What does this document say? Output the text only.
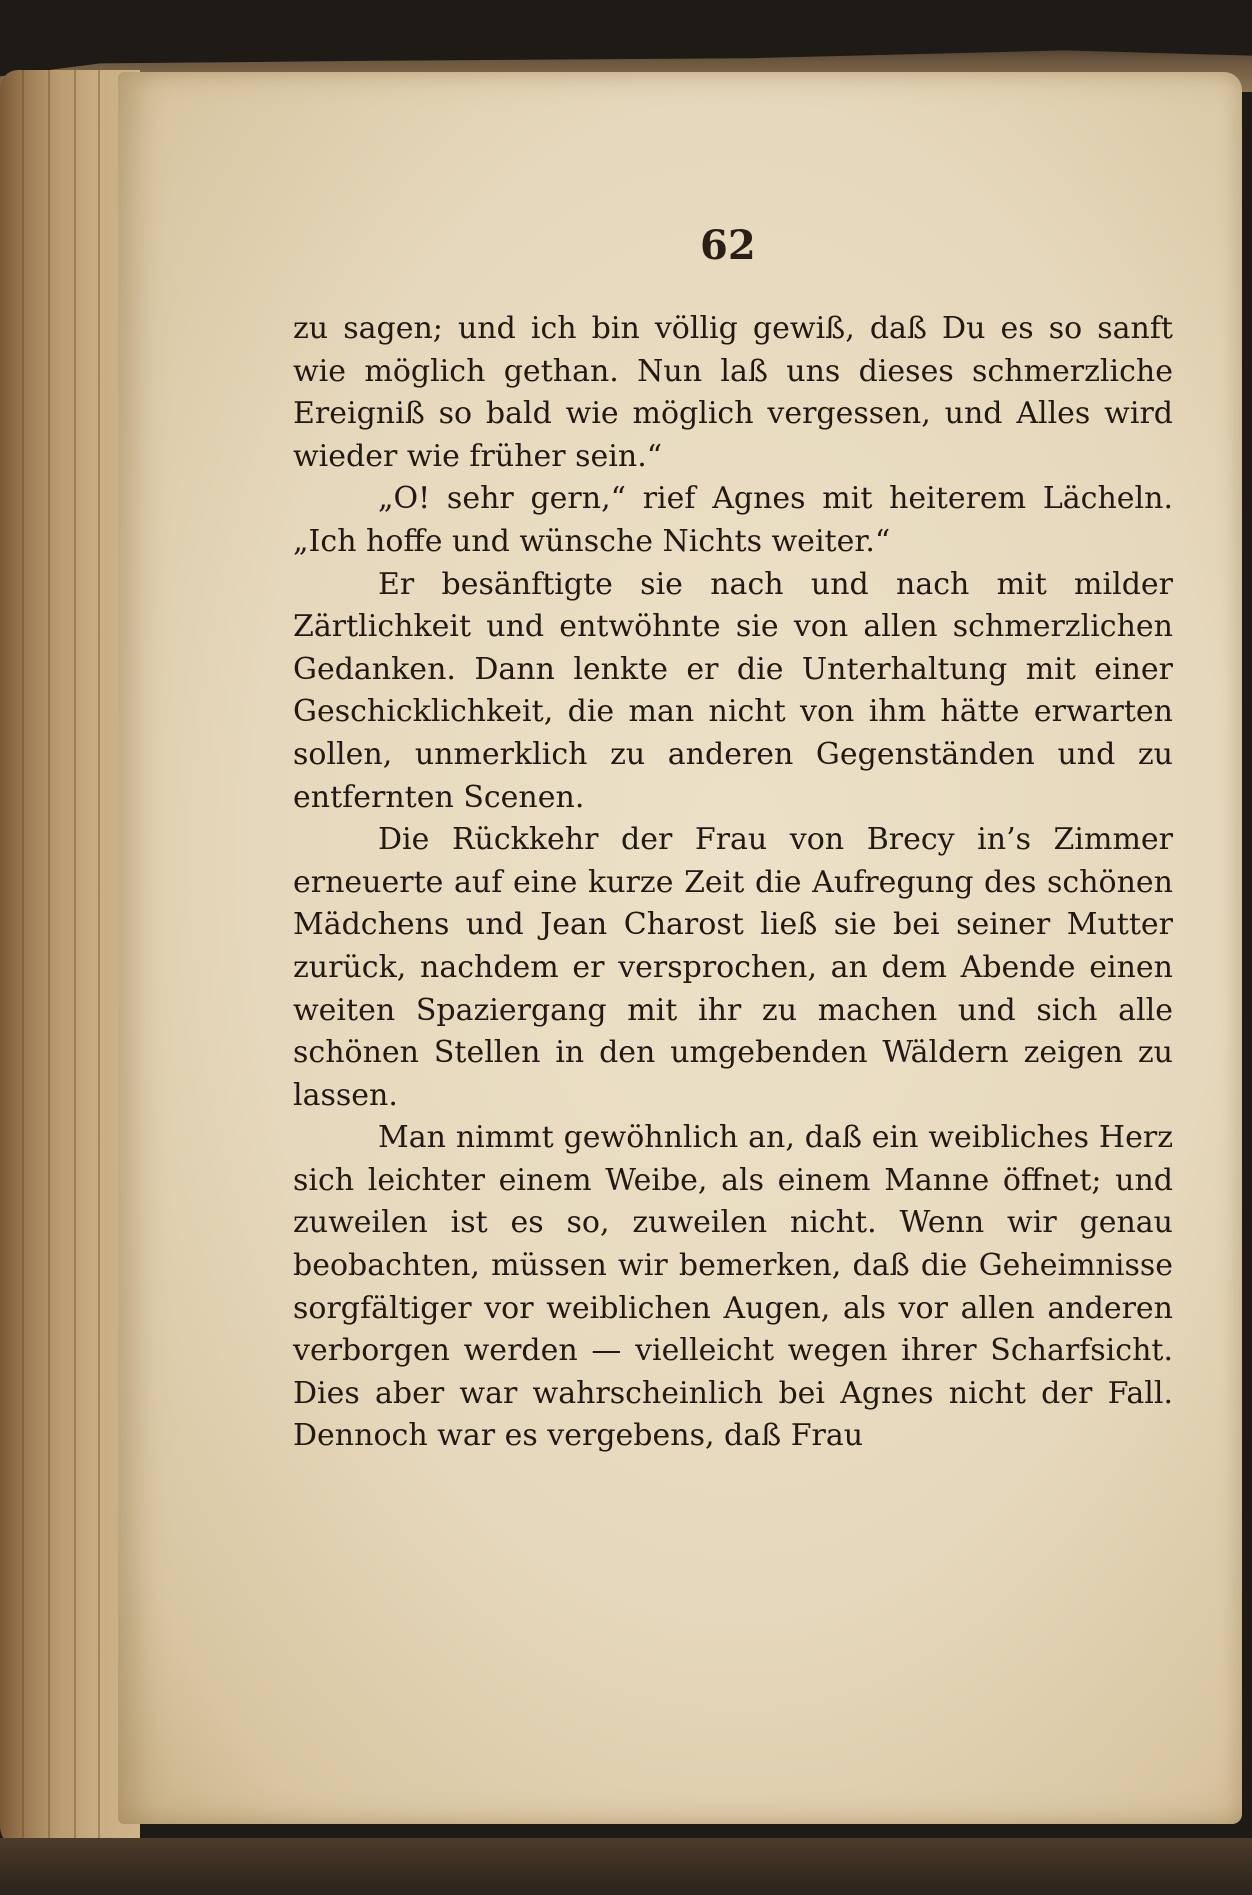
62

zu sagen; und ich bin völlig gewiß, daß Du es so sanft wie möglich gethan. Nun laß uns dieses schmerzliche Ereigniß so bald wie möglich vergessen, und Alles wird wieder wie früher sein.“

„O! sehr gern,“ rief Agnes mit heiterem Lächeln. „Ich hoffe und wünsche Nichts weiter.“

Er besänftigte sie nach und nach mit milder Zärtlichkeit und entwöhnte sie von allen schmerzlichen Gedanken. Dann lenkte er die Unterhaltung mit einer Geschicklichkeit, die man nicht von ihm hätte erwarten sollen, unmerklich zu anderen Gegenständen und zu entfernten Scenen.

Die Rückkehr der Frau von Brecy in’s Zimmer erneuerte auf eine kurze Zeit die Aufregung des schönen Mädchens und Jean Charost ließ sie bei seiner Mutter zurück, nachdem er versprochen, an dem Abende einen weiten Spaziergang mit ihr zu machen und sich alle schönen Stellen in den umgebenden Wäldern zeigen zu lassen.

Man nimmt gewöhnlich an, daß ein weibliches Herz sich leichter einem Weibe, als einem Manne öffnet; und zuweilen ist es so, zuweilen nicht. Wenn wir genau beobachten, müssen wir bemerken, daß die Geheimnisse sorgfältiger vor weiblichen Augen, als vor allen anderen verborgen werden — vielleicht wegen ihrer Scharfsicht. Dies aber war wahrscheinlich bei Agnes nicht der Fall. Dennoch war es vergebens, daß Frau
